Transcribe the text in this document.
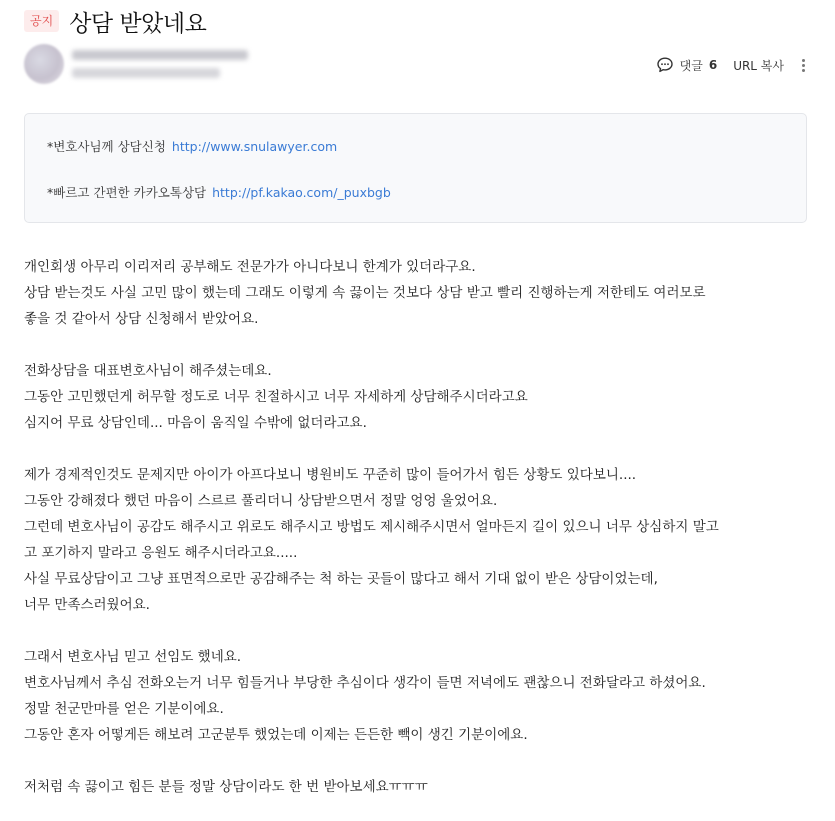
공지 상담 받았네요
댓글 6 URL 복사
*변호사님께 상담신청 http://www.snulawyer.com
*빠르고 간편한 카카오톡상담 http://pf.kakao.com/_puxbgb
개인회생 아무리 이리저리 공부해도 전문가가 아니다보니 한계가 있더라구요.
상담 받는것도 사실 고민 많이 했는데 그래도 이렇게 속 끓이는 것보다 상담 받고 빨리 진행하는게 저한테도 여러모로
좋을 것 같아서 상담 신청해서 받았어요.
전화상담을 대표변호사님이 해주셨는데요.
그동안 고민했던게 허무할 정도로 너무 친절하시고 너무 자세하게 상담해주시더라고요
심지어 무료 상담인데... 마음이 움직일 수밖에 없더라고요.
제가 경제적인것도 문제지만 아이가 아프다보니 병원비도 꾸준히 많이 들어가서 힘든 상황도 있다보니....
그동안 강해졌다 했던 마음이 스르르 풀리더니 상담받으면서 정말 엉엉 울었어요.
그런데 변호사님이 공감도 해주시고 위로도 해주시고 방법도 제시해주시면서 얼마든지 길이 있으니 너무 상심하지 말고
고 포기하지 말라고 응원도 해주시더라고요.....
사실 무료상담이고 그냥 표면적으로만 공감해주는 척 하는 곳들이 많다고 해서 기대 없이 받은 상담이었는데,
너무 만족스러웠어요.
그래서 변호사님 믿고 선임도 했네요.
변호사님께서 추심 전화오는거 너무 힘들거나 부당한 추심이다 생각이 들면 저녁에도 괜찮으니 전화달라고 하셨어요.
정말 천군만마를 얻은 기분이에요.
그동안 혼자 어떻게든 해보려 고군분투 했었는데 이제는 든든한 빽이 생긴 기분이에요.
저처럼 속 끓이고 힘든 분들 정말 상담이라도 한 번 받아보세요ㅠㅠㅠ
